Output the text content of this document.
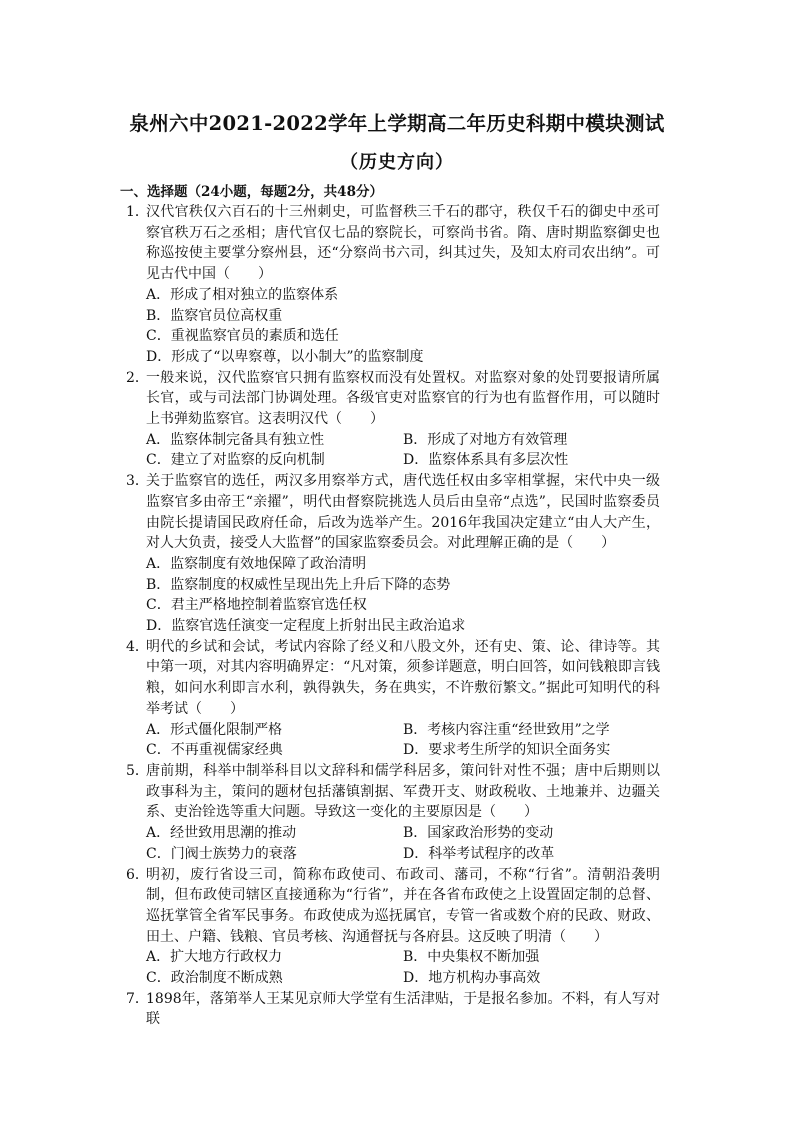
泉州六中2021-2022学年上学期高二年历史科期中模块测试
（历史方向）
一、选择题（24小题，每题2分，共48分）
1．
汉代官秩仅六百石的十三州刺史，可监督秩三千石的郡守，秩仅千石的御史中丞可察官秩万石之丞相；唐代官仅七品的察院长，可察尚书省。隋、唐时期监察御史也称巡按使主要掌分察州县，还“分察尚书六司，纠其过失，及知太府司农出纳”。可见古代中国（　　）
A．形成了相对独立的监察体系
B．监察官员位高权重
C．重视监察官员的素质和选任
D．形成了“以卑察尊，以小制大”的监察制度
2．
一般来说，汉代监察官只拥有监察权而没有处置权。对监察对象的处罚要报请所属长官，或与司法部门协调处理。各级官吏对监察官的行为也有监督作用，可以随时上书弹劾监察官。这表明汉代（　　）
A．监察体制完备具有独立性	B．形成了对地方有效管理
C．建立了对监察的反向机制	D．监察体系具有多层次性
3．
关于监察官的选任，两汉多用察举方式，唐代选任权由多宰相掌握，宋代中央一级监察官多由帝王“亲擢”，明代由督察院挑选人员后由皇帝“点选”，民国时监察委员由院长提请国民政府任命，后改为选举产生。2016年我国决定建立“由人大产生，对人大负责，接受人大监督”的国家监察委员会。对此理解正确的是（　　）
A．监察制度有效地保障了政治清明
B．监察制度的权威性呈现出先上升后下降的态势
C．君主严格地控制着监察官选任权
D．监察官选任演变一定程度上折射出民主政治追求
4．
明代的乡试和会试，考试内容除了经义和八股文外，还有史、策、论、律诗等。其中第一项，对其内容明确界定：“凡对策，须参详题意，明白回答，如问钱粮即言钱粮，如问水利即言水利，孰得孰失，务在典实，不许敷衍繁文。”据此可知明代的科举考试（　　）
A．形式僵化限制严格	B．考核内容注重“经世致用”之学
C．不再重视儒家经典	D．要求考生所学的知识全面务实
5．
唐前期，科举中制举科目以文辞科和儒学科居多，策问针对性不强；唐中后期则以政事科为主，策问的题材包括藩镇割据、军费开支、财政税收、土地兼并、边疆关系、吏治铨选等重大问题。导致这一变化的主要原因是（　　）
A．经世致用思潮的推动	B．国家政治形势的变动
C．门阀士族势力的衰落	D．科举考试程序的改革
6．
明初，废行省设三司，简称布政使司、布政司、藩司，不称“行省”。清朝沿袭明制，但布政使司辖区直接通称为“行省”，并在各省布政使之上设置固定制的总督、巡抚掌管全省军民事务。布政使成为巡抚属官，专管一省或数个府的民政、财政、田土、户籍、钱粮、官员考核、沟通督抚与各府县。这反映了明清（　　）
A．扩大地方行政权力	B．中央集权不断加强
C．政治制度不断成熟	D．地方机构办事高效
7．
1898年，落第举人王某见京师大学堂有生活津贴，于是报名参加。不料，有人写对联
